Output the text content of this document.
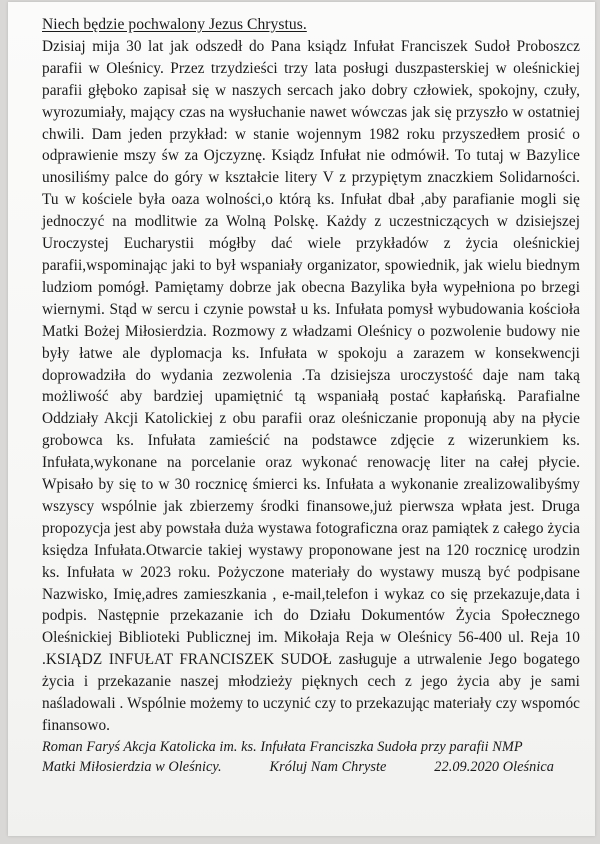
Niech będzie pochwalony Jezus Chrystus.
Dzisiaj mija 30 lat jak odszedł do Pana ksiądz Infułat Franciszek Sudoł Proboszcz parafii w Oleśnicy. Przez trzydzieści trzy lata posługi duszpasterskiej w oleśnickiej parafii głęboko zapisał się w naszych sercach jako dobry człowiek, spokojny, czuły, wyrozumiały, mający czas na wysłuchanie nawet wówczas jak się przyszło w ostatniej chwili. Dam jeden przykład: w stanie wojennym 1982 roku przyszedłem prosić o odprawienie mszy św za Ojczyznę. Ksiądz Infułat nie odmówił. To tutaj w Bazylice unosiliśmy palce do góry w kształcie litery V z przypiętym znaczkiem Solidarności. Tu w kościele była oaza wolności,o którą ks. Infułat dbał ,aby parafianie mogli się jednoczyć na modlitwie za Wolną Polskę. Każdy z uczestniczących w dzisiejszej Uroczystej Eucharystii mógłby dać wiele przykładów z życia oleśnickiej parafii,wspominając jaki to był wspaniały organizator, spowiednik, jak wielu biednym ludziom pomógł. Pamiętamy dobrze jak obecna Bazylika była wypełniona po brzegi wiernymi. Stąd w sercu i czynie powstał u ks. Infułata pomysł wybudowania kościoła Matki Bożej Miłosierdzia. Rozmowy z władzami Oleśnicy o pozwolenie budowy nie były łatwe ale dyplomacja ks. Infułata w spokoju a zarazem w konsekwencji doprowadziła do wydania zezwolenia .Ta dzisiejsza uroczystość daje nam taką możliwość aby bardziej upamiętnić tą wspaniałą postać kapłańską. Parafialne Oddziały Akcji Katolickiej z obu parafii oraz oleśniczanie proponują aby na płycie grobowca ks. Infułata zamieścić na podstawce zdjęcie z wizerunkiem ks. Infułata,wykonane na porcelanie oraz wykonać renowację liter na całej płycie. Wpisało by się to w 30 rocznicę śmierci ks. Infułata a wykonanie zrealizowalibyśmy wszyscy wspólnie jak zbierzemy środki finansowe,już pierwsza wpłata jest. Druga propozycja jest aby powstała duża wystawa fotograficzna oraz pamiątek z całego życia księdza Infułata.Otwarcie takiej wystawy proponowane jest na 120 rocznicę urodzin ks. Infułata w 2023 roku. Pożyczone materiały do wystawy muszą być podpisane Nazwisko, Imię,adres zamieszkania , e-mail,telefon i wykaz co się przekazuje,data i podpis. Następnie przekazanie ich do Działu Dokumentów Życia Społecznego Oleśnickiej Biblioteki Publicznej im. Mikołaja Reja w Oleśnicy 56-400 ul. Reja 10 .KSIĄDZ INFUŁAT FRANCISZEK SUDOŁ zasługuje a utrwalenie Jego bogatego życia i przekazanie naszej młodzieży pięknych cech z jego życia aby je sami naśladowali . Wspólnie możemy to uczynić czy to przekazując materiały czy wspomóc finansowo.
Roman Faryś Akcja Katolicka im. ks. Infułata Franciszka Sudoła przy parafii NMP
Matki Miłosierdzia w Oleśnicy.	Króluj Nam Chryste	22.09.2020 Oleśnica
